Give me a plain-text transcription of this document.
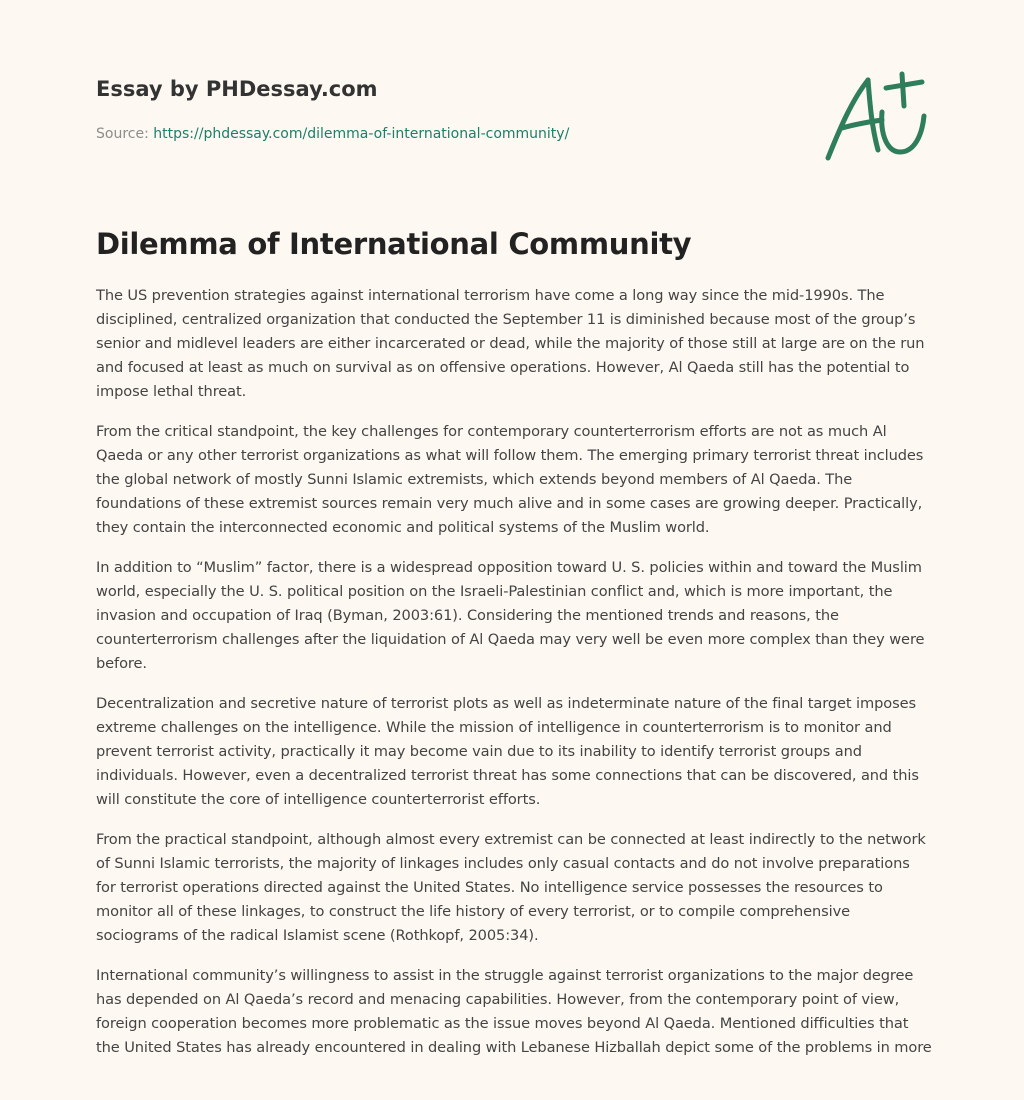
Essay by PHDessay.com
Source: https://phdessay.com/dilemma-of-international-community/
Dilemma of International Community

The US prevention strategies against international terrorism have come a long way since the mid-1990s. The disciplined, centralized organization that conducted the September 11 is diminished because most of the group’s senior and midlevel leaders are either incarcerated or dead, while the majority of those still at large are on the run and focused at least as much on survival as on offensive operations. However, Al Qaeda still has the potential to impose lethal threat.

From the critical standpoint, the key challenges for contemporary counterterrorism efforts are not as much Al Qaeda or any other terrorist organizations as what will follow them. The emerging primary terrorist threat includes the global network of mostly Sunni Islamic extremists, which extends beyond members of Al Qaeda. The foundations of these extremist sources remain very much alive and in some cases are growing deeper. Practically, they contain the interconnected economic and political systems of the Muslim world.

In addition to “Muslim” factor, there is a widespread opposition toward U. S. policies within and toward the Muslim world, especially the U. S. political position on the Israeli-Palestinian conflict and, which is more important, the invasion and occupation of Iraq (Byman, 2003:61). Considering the mentioned trends and reasons, the counterterrorism challenges after the liquidation of Al Qaeda may very well be even more complex than they were before.

Decentralization and secretive nature of terrorist plots as well as indeterminate nature of the final target imposes extreme challenges on the intelligence. While the mission of intelligence in counterterrorism is to monitor and prevent terrorist activity, practically it may become vain due to its inability to identify terrorist groups and individuals. However, even a decentralized terrorist threat has some connections that can be discovered, and this will constitute the core of intelligence counterterrorist efforts.

From the practical standpoint, although almost every extremist can be connected at least indirectly to the network of Sunni Islamic terrorists, the majority of linkages includes only casual contacts and do not involve preparations for terrorist operations directed against the United States. No intelligence service possesses the resources to monitor all of these linkages, to construct the life history of every terrorist, or to compile comprehensive sociograms of the radical Islamist scene (Rothkopf, 2005:34).

International community’s willingness to assist in the struggle against terrorist organizations to the major degree has depended on Al Qaeda’s record and menacing capabilities. However, from the contemporary point of view, foreign cooperation becomes more problematic as the issue moves beyond Al Qaeda. Mentioned difficulties that the United States has already encountered in dealing with Lebanese Hizballah depict some of the problems in more
